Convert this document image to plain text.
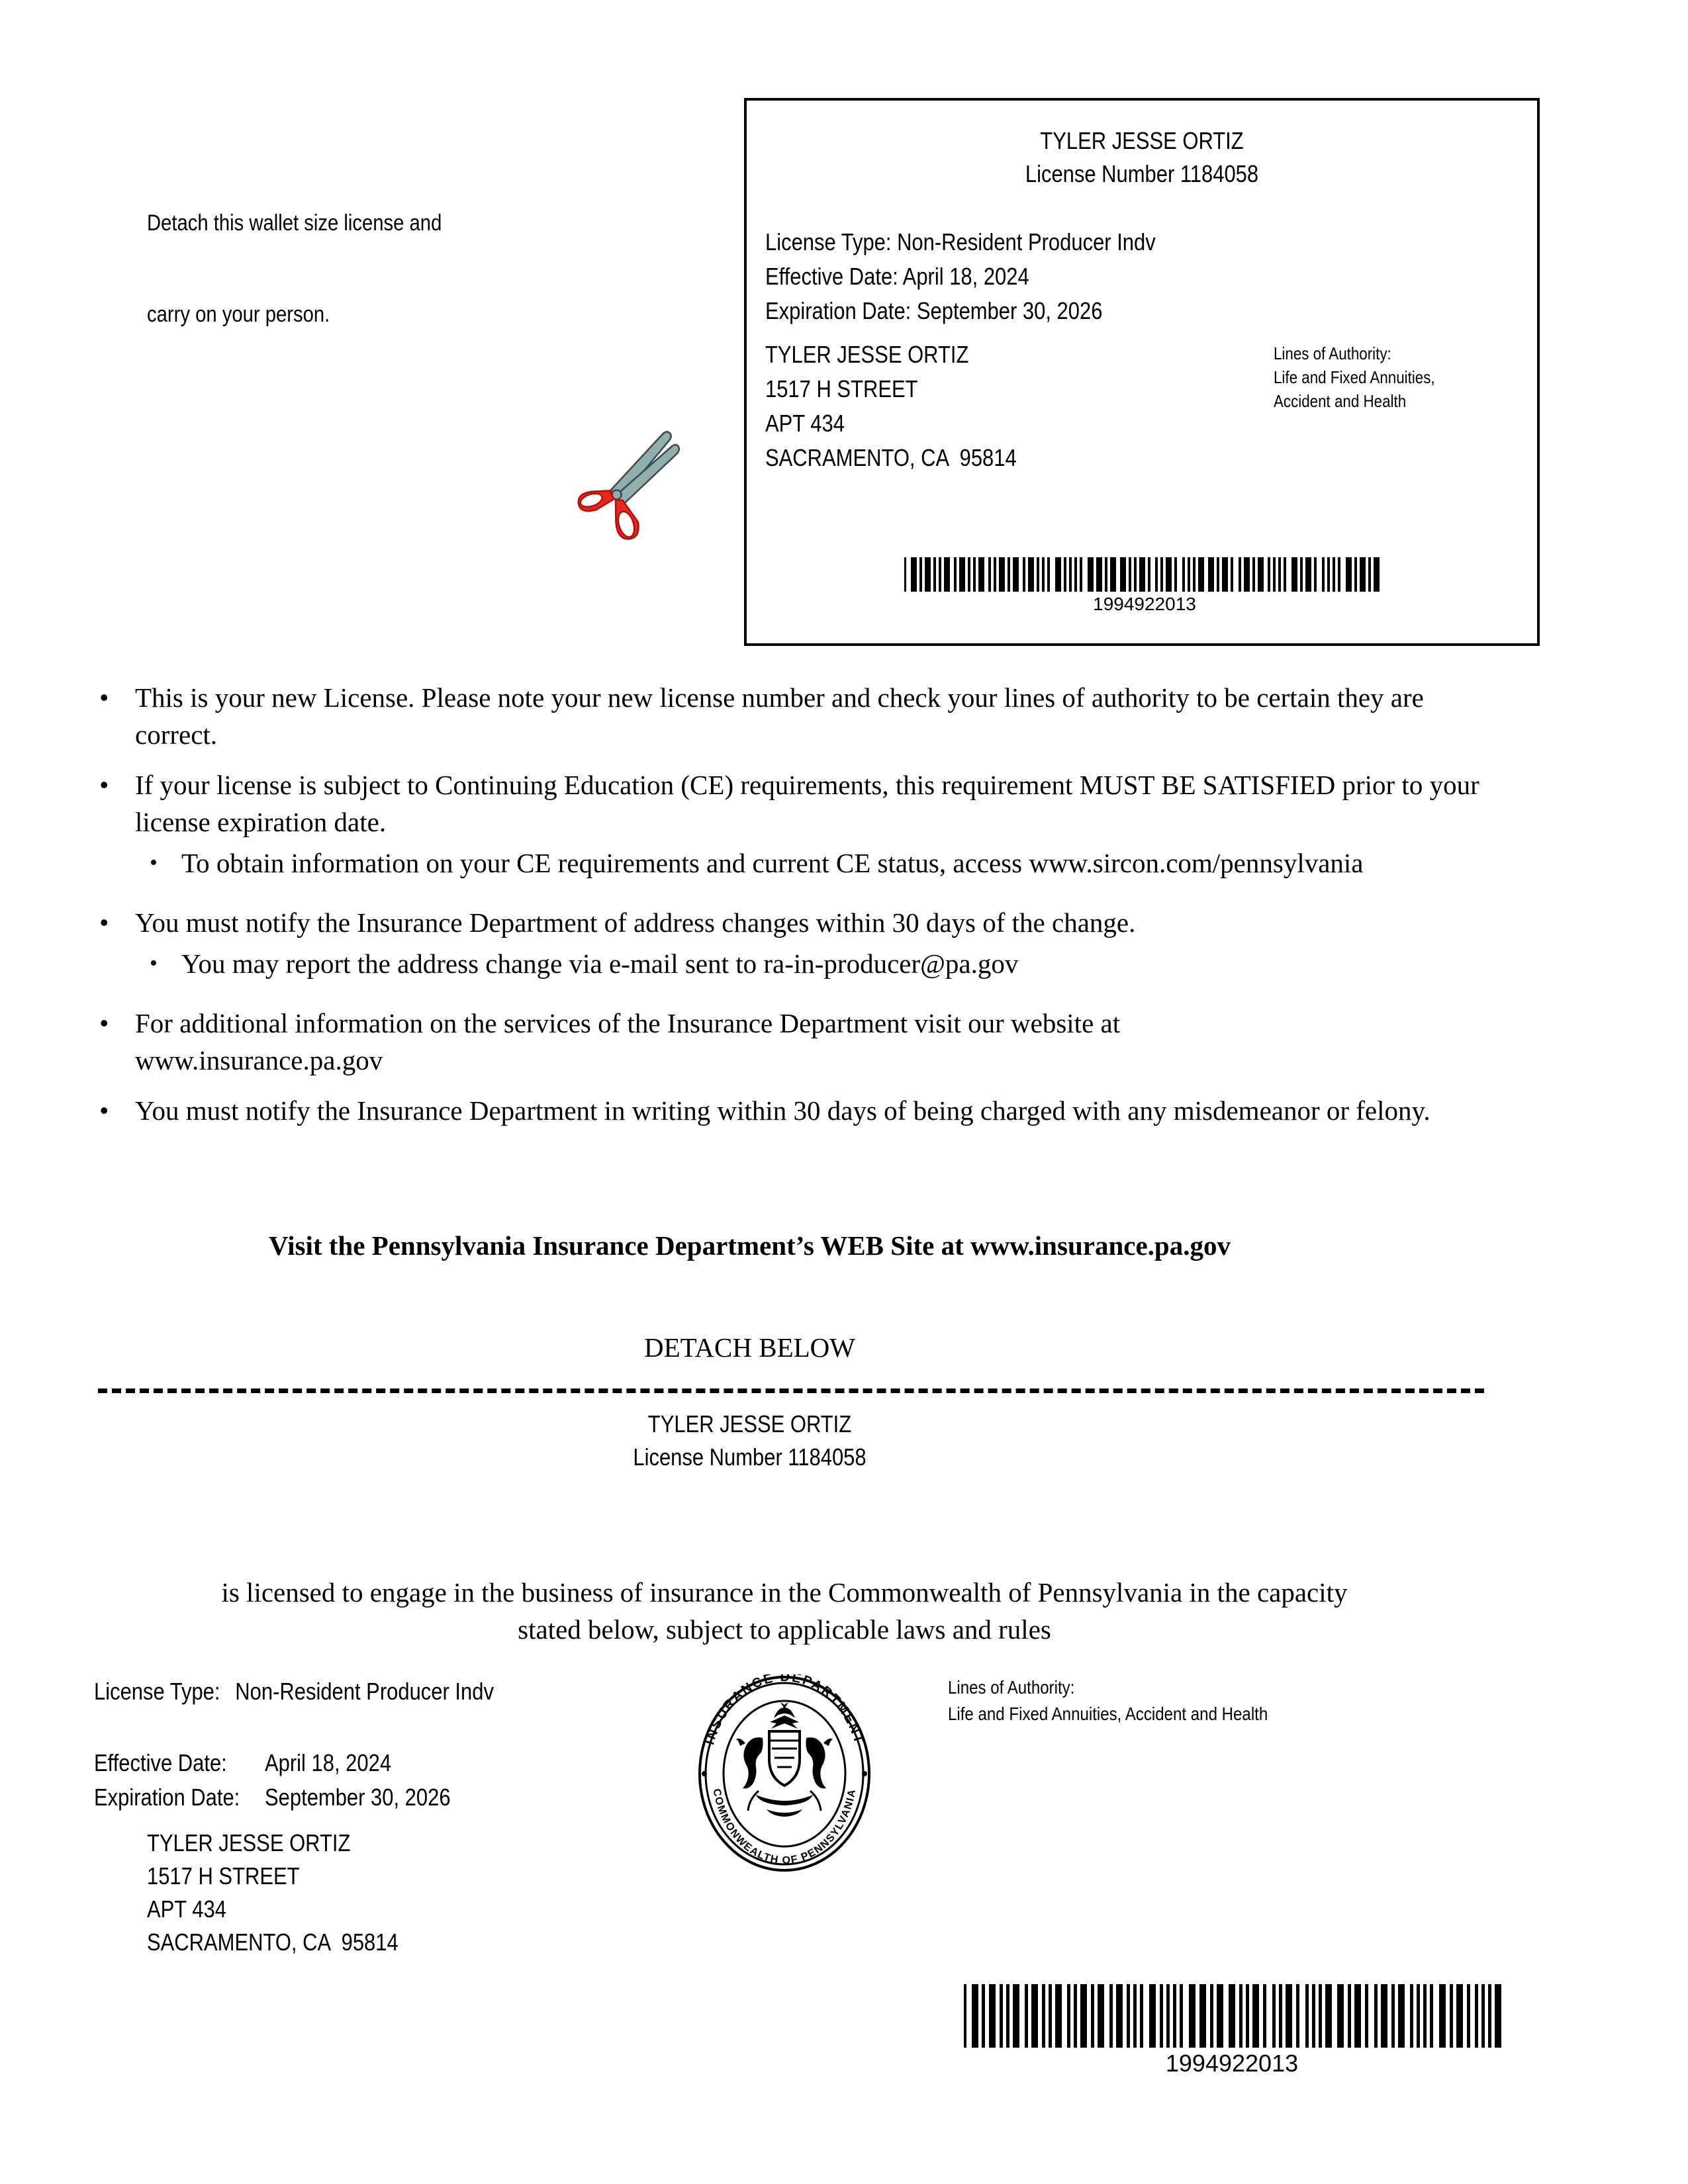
Detach this wallet size license and

carry on your person.

TYLER JESSE ORTIZ
License Number 1184058
License Type: Non-Resident Producer Indv
Effective Date: April 18, 2024
Expiration Date: September 30, 2026
TYLER JESSE ORTIZ
1517 H STREET
APT 434
SACRAMENTO, CA  95814
Lines of Authority:
Life and Fixed Annuities,
Accident and Health
1994922013
• This is your new License. Please note your new license number and check your lines of authority to be certain they are correct.
• If your license is subject to Continuing Education (CE) requirements, this requirement MUST BE SATISFIED prior to your license expiration date.
• To obtain information on your CE requirements and current CE status, access www.sircon.com/pennsylvania
• You must notify the Insurance Department of address changes within 30 days of the change.
• You may report the address change via e-mail sent to ra-in-producer@pa.gov
• For additional information on the services of the Insurance Department visit our website at www.insurance.pa.gov
• You must notify the Insurance Department in writing within 30 days of being charged with any misdemeanor or felony.
Visit the Pennsylvania Insurance Department’s WEB Site at www.insurance.pa.gov
DETACH BELOW
TYLER JESSE ORTIZ
License Number 1184058
is licensed to engage in the business of insurance in the Commonwealth of Pennsylvania in the capacity
stated below, subject to applicable laws and rules
License Type: Non-Resident Producer Indv
Effective Date:	April 18, 2024
Expiration Date:	September 30, 2026
TYLER JESSE ORTIZ
1517 H STREET
APT 434
SACRAMENTO, CA  95814
Lines of Authority:
Life and Fixed Annuities, Accident and Health
INSURANCE DEPARTMENT
COMMONWEALTH OF PENNSYLVANIA
1994922013
